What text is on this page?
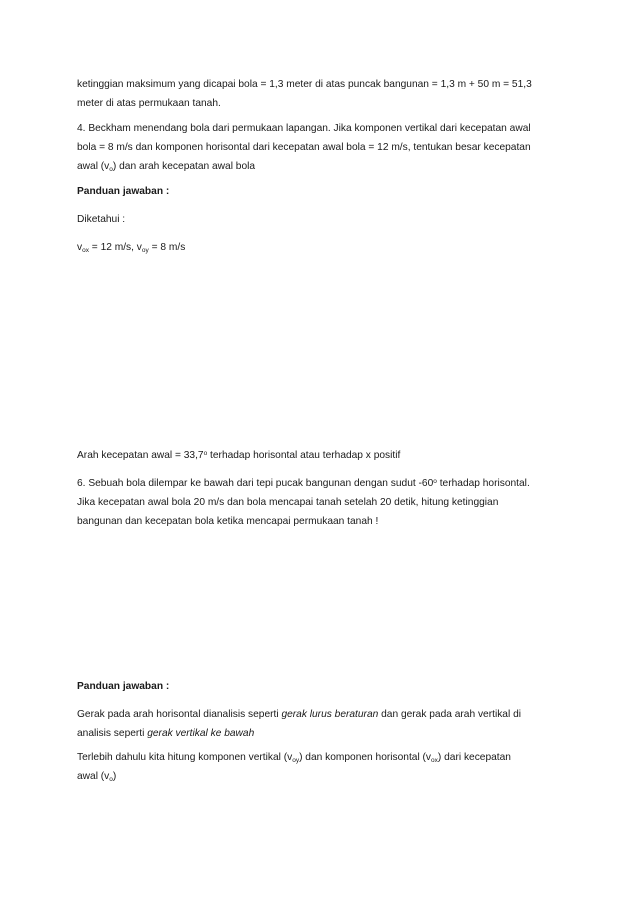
ketinggian maksimum yang dicapai bola = 1,3 meter di atas puncak bangunan = 1,3 m + 50 m = 51,3
meter di atas permukaan tanah.

4. Beckham menendang bola dari permukaan lapangan. Jika komponen vertikal dari kecepatan awal
bola = 8 m/s dan komponen horisontal dari kecepatan awal bola = 12 m/s, tentukan besar kecepatan
awal $(v_o)$ dan arah kecepatan awal bola

Panduan jawaban :

Diketahui :

$v_{ox} = 12$ m/s, $v_{oy} = 8$ m/s

Arah kecepatan awal = $33,7^o$ terhadap horisontal atau terhadap x positif

6. Sebuah bola dilempar ke bawah dari tepi pucak bangunan dengan sudut -60$^o$ terhadap horisontal.
Jika kecepatan awal bola 20 m/s dan bola mencapai tanah setelah 20 detik, hitung ketinggian
bangunan dan kecepatan bola ketika mencapai permukaan tanah !

Panduan jawaban :

Gerak pada arah horisontal dianalisis seperti gerak lurus beraturan dan gerak pada arah vertikal di
analisis seperti gerak vertikal ke bawah

Terlebih dahulu kita hitung komponen vertikal $(v_{oy})$ dan komponen horisontal $(v_{ox})$ dari kecepatan
awal $(v_o)$
